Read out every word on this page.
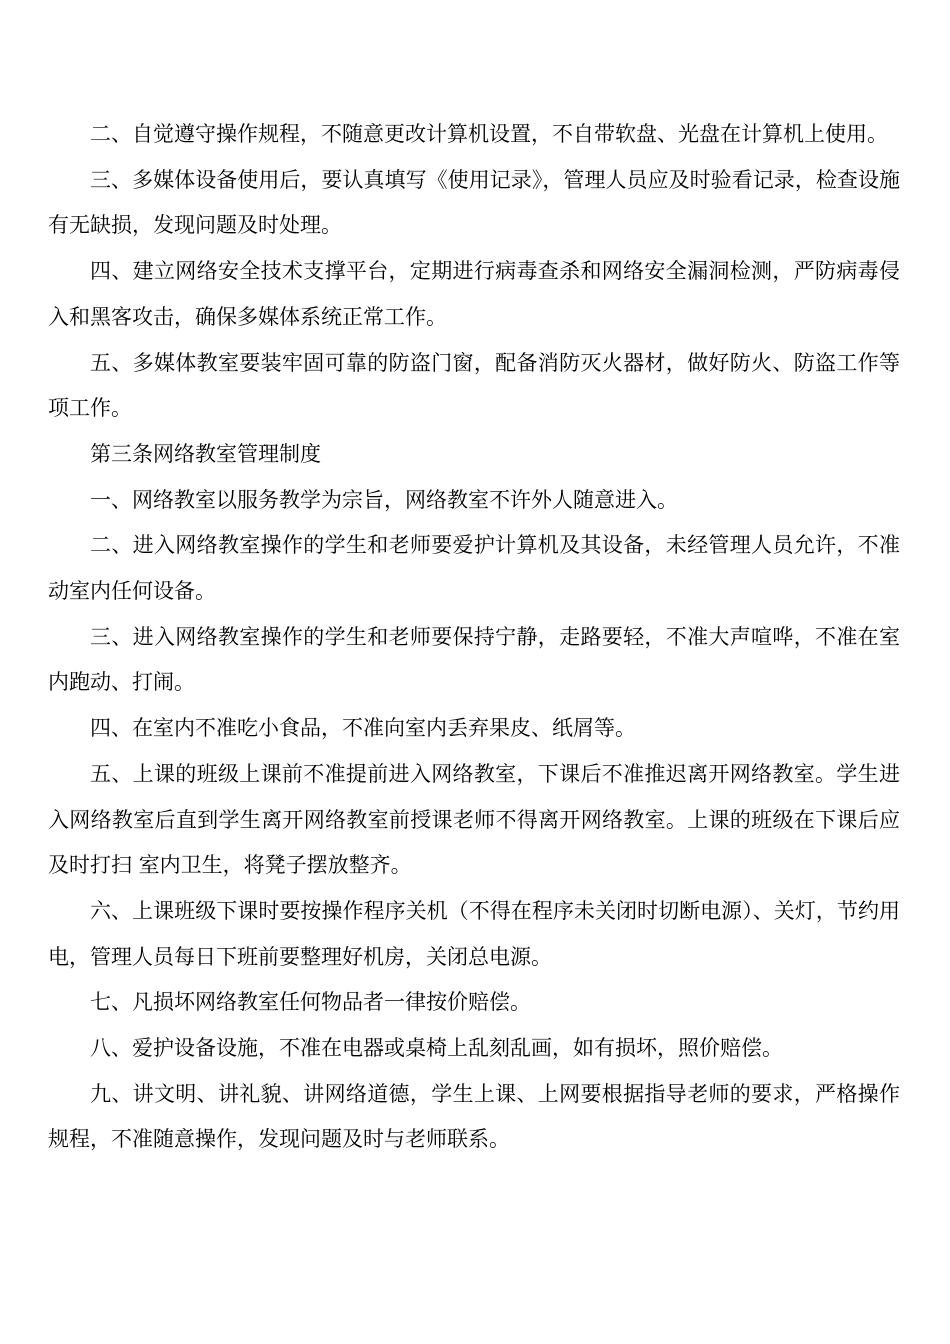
二、自觉遵守操作规程，不随意更改计算机设置，不自带软盘、光盘在计算机上使用。

三、多媒体设备使用后，要认真填写《使用记录》，管理人员应及时验看记录，检查设施有无缺损，发现问题及时处理。

四、建立网络安全技术支撑平台，定期进行病毒查杀和网络安全漏洞检测，严防病毒侵入和黑客攻击，确保多媒体系统正常工作。

五、多媒体教室要装牢固可靠的防盗门窗，配备消防灭火器材，做好防火、防盗工作等项工作。

第三条网络教室管理制度

一、网络教室以服务教学为宗旨，网络教室不许外人随意进入。

二、进入网络教室操作的学生和老师要爱护计算机及其设备，未经管理人员允许，不准动室内任何设备。

三、进入网络教室操作的学生和老师要保持宁静，走路要轻，不准大声喧哗，不准在室内跑动、打闹。

四、在室内不准吃小食品，不准向室内丢弃果皮、纸屑等。

五、上课的班级上课前不准提前进入网络教室，下课后不准推迟离开网络教室。学生进入网络教室后直到学生离开网络教室前授课老师不得离开网络教室。上课的班级在下课后应及时打扫 室内卫生，将凳子摆放整齐。

六、上课班级下课时要按操作程序关机（不得在程序未关闭时切断电源）、关灯，节约用电，管理人员每日下班前要整理好机房，关闭总电源。

七、凡损坏网络教室任何物品者一律按价赔偿。

八、爱护设备设施，不准在电器或桌椅上乱刻乱画，如有损坏，照价赔偿。

九、讲文明、讲礼貌、讲网络道德，学生上课、上网要根据指导老师的要求，严格操作规程，不准随意操作，发现问题及时与老师联系。
